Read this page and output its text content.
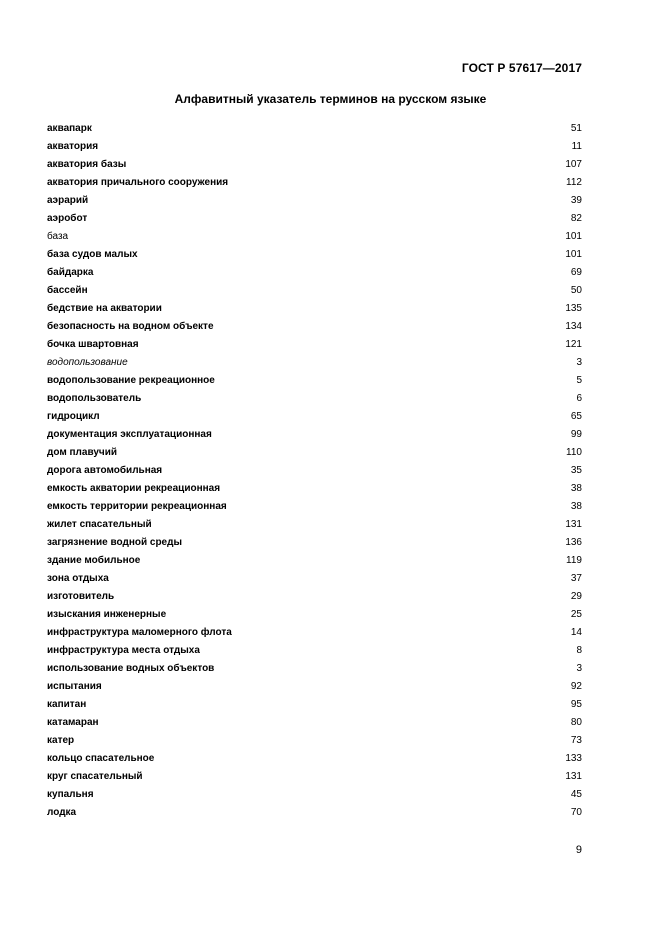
ГОСТ Р 57617—2017
Алфавитный указатель терминов на русском языке
аквапарк	51
акватория	11
акватория базы	107
акватория причального сооружения	112
аэрарий	39
аэробот	82
база	101
база судов малых	101
байдарка	69
бассейн	50
бедствие на акватории	135
безопасность на водном объекте	134
бочка швартовная	121
водопользование	3
водопользование рекреационное	5
водопользователь	6
гидроцикл	65
документация эксплуатационная	99
дом плавучий	110
дорога автомобильная	35
емкость акватории рекреационная	38
емкость территории рекреационная	38
жилет спасательный	131
загрязнение водной среды	136
здание мобильное	119
зона отдыха	37
изготовитель	29
изыскания инженерные	25
инфраструктура маломерного флота	14
инфраструктура места отдыха	8
использование водных объектов	3
испытания	92
капитан	95
катамаран	80
катер	73
кольцо спасательное	133
круг спасательный	131
купальня	45
лодка	70
9
